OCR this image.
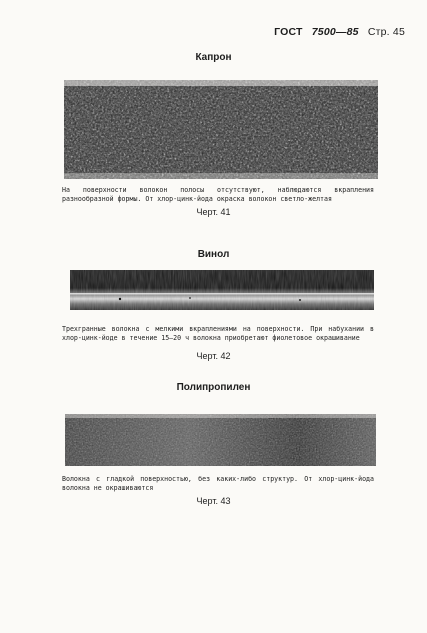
ГОСТ 7500—85 Стр. 45
Капрон
На поверхности волокон полосы отсутствуют, наблюдаются вкрапления разнообразной формы. От хлор-цинк-йода окраска волокон светло-желтая
Черт. 41
Винол
Трехгранные волокна с мелкими вкраплениями на поверхности. При набухании в хлор-цинк-йоде в течение 15—20 ч волокна приобретают фиолетовое окрашивание
Черт. 42
Полипропилен
Волокна с гладкой поверхностью, без каких-либо структур. От хлор-цинк-йода волокна не окрашиваются
Черт. 43
